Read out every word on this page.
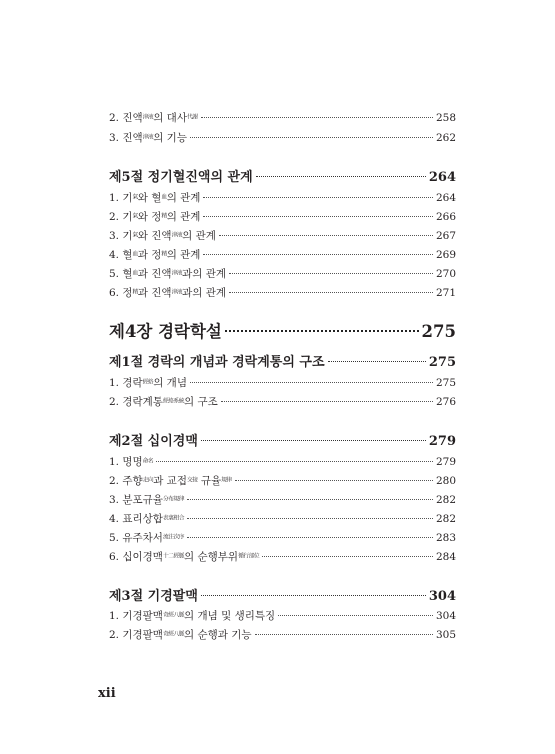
2. 진액$^{津液}$의 대사$^{代謝}$	258
3. 진액$^{津液}$의 기능	262
제5절 정기혈진액의 관계	264
1. 기$^氣$와 혈$^血$의 관계	264
2. 기$^氣$와 정$^精$의 관계	266
3. 기$^氣$와 진액$^{津液}$의 관계	267
4. 혈$^血$과 정$^精$의 관계	269
5. 혈$^血$과 진액$^{津液}$과의 관계	270
6. 정$^精$과 진액$^{津液}$과의 관계	271
제4장 경락학설	275
제1절 경락의 개념과 경락계통의 구조	275
1. 경락$^{經絡}$의 개념	275
2. 경락계통$^{經絡系統}$의 구조	276
제2절 십이경맥	279
1. 명명$^{命名}$	279
2. 주향$^{走向}$과 교접$^{交接}$ 규율$^{規律}$	280
3. 분포규율$^{分布規律}$	282
4. 표리상합$^{表裏相合}$	282
5. 유주차서$^{流注次序}$	283
6. 십이경맥$^{十二經脈}$의 순행부위$^{循行部位}$	284
제3절 기경팔맥	304
1. 기경팔맥$^{奇經八脈}$의 개념 및 생리특징	304
2. 기경팔맥$^{奇經八脈}$의 순행과 기능	305
xii
